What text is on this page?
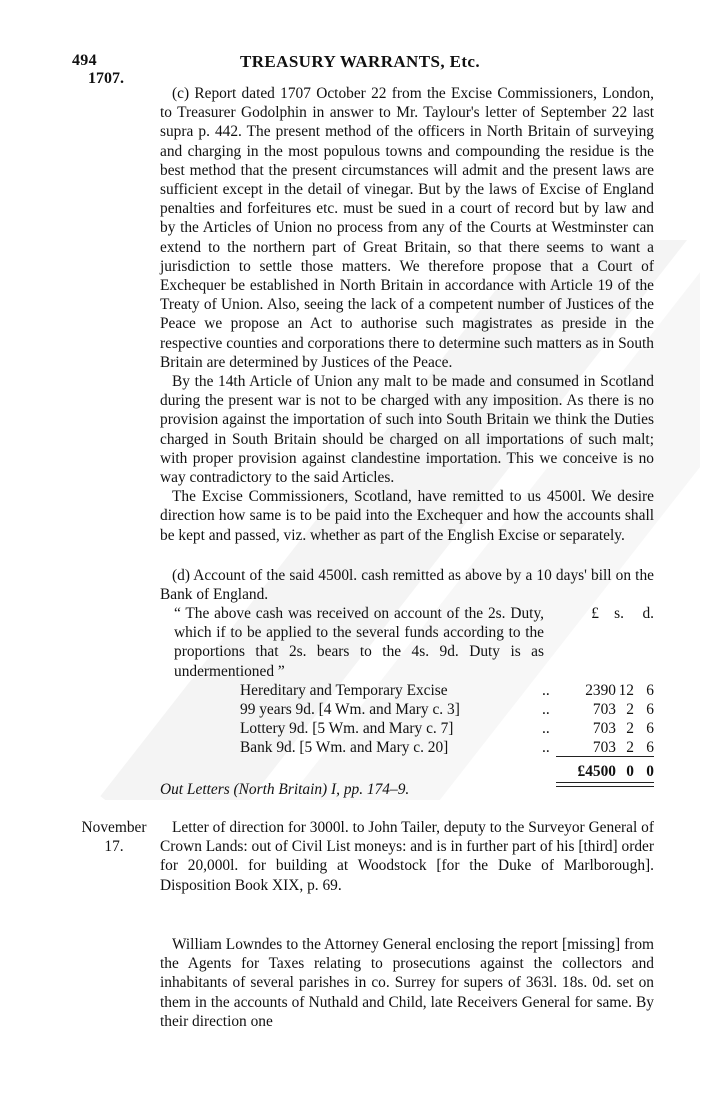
494	TREASURY WARRANTS, Etc.
1707.

(c) Report dated 1707 October 22 from the Excise Commissioners, London, to Treasurer Godolphin in answer to Mr. Taylour's letter of September 22 last supra p. 442. The present method of the officers in North Britain of surveying and charging in the most populous towns and compounding the residue is the best method that the present circumstances will admit and the present laws are sufficient except in the detail of vinegar. But by the laws of Excise of England penalties and forfeitures etc. must be sued in a court of record but by law and by the Articles of Union no process from any of the Courts at Westminster can extend to the northern part of Great Britain, so that there seems to want a jurisdiction to settle those matters. We therefore propose that a Court of Exchequer be established in North Britain in accordance with Article 19 of the Treaty of Union. Also, seeing the lack of a competent number of Justices of the Peace we propose an Act to authorise such magistrates as preside in the respective counties and corporations there to determine such matters as in South Britain are determined by Justices of the Peace.

By the 14th Article of Union any malt to be made and consumed in Scotland during the present war is not to be charged with any imposition. As there is no provision against the importation of such into South Britain we think the Duties charged in South Britain should be charged on all importations of such malt; with proper provision against clandestine importation. This we conceive is no way contradictory to the said Articles.

The Excise Commissioners, Scotland, have remitted to us 4500l. We desire direction how same is to be paid into the Exchequer and how the accounts shall be kept and passed, viz. whether as part of the English Excise or separately.

(d) Account of the said 4500l. cash remitted as above by a 10 days' bill on the Bank of England.

“ The above cash was received on account of the 2s. Duty, which if to be applied to the several funds according to the proportions that 2s. bears to the 4s. 9d. Duty is as undermentioned ”
£ s. d.
Hereditary and Temporary Excise	.. 2390 12 6
99 years 9d. [4 Wm. and Mary c. 3]	..	703 2 6
Lottery 9d. [5 Wm. and Mary c. 7]	..	703 2 6
Bank 9d. [5 Wm. and Mary c. 20]	..	703 2 6
£4500 0 0
Out Letters (North Britain) I, pp. 174–9.
November
17.

Letter of direction for 3000l. to John Tailer, deputy to the Surveyor General of Crown Lands: out of Civil List moneys: and is in further part of his [third] order for 20,000l. for building at Woodstock [for the Duke of Marlborough]. Disposition Book XIX, p. 69.

William Lowndes to the Attorney General enclosing the report [missing] from the Agents for Taxes relating to prosecutions against the collectors and inhabitants of several parishes in co. Surrey for supers of 363l. 18s. 0d. set on them in the accounts of Nuthald and Child, late Receivers General for same. By their direction one
